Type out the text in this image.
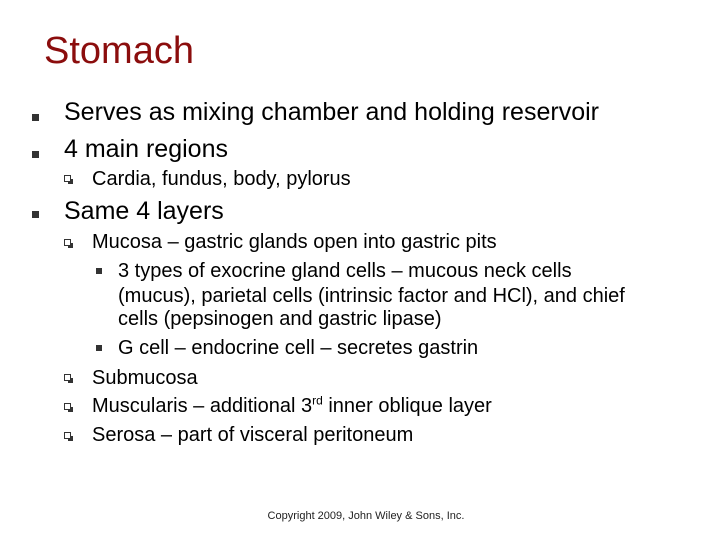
Stomach
Serves as mixing chamber and holding reservoir
4 main regions
Cardia, fundus, body, pylorus
Same 4 layers
Mucosa – gastric glands open into gastric pits
3 types of exocrine gland cells – mucous neck cells
(mucus), parietal cells (intrinsic factor and HCl), and chief
cells (pepsinogen and gastric lipase)
G cell – endocrine cell – secretes gastrin
Submucosa
Muscularis – additional 3rd inner oblique layer
Serosa – part of visceral peritoneum
Copyright 2009, John Wiley & Sons, Inc.
